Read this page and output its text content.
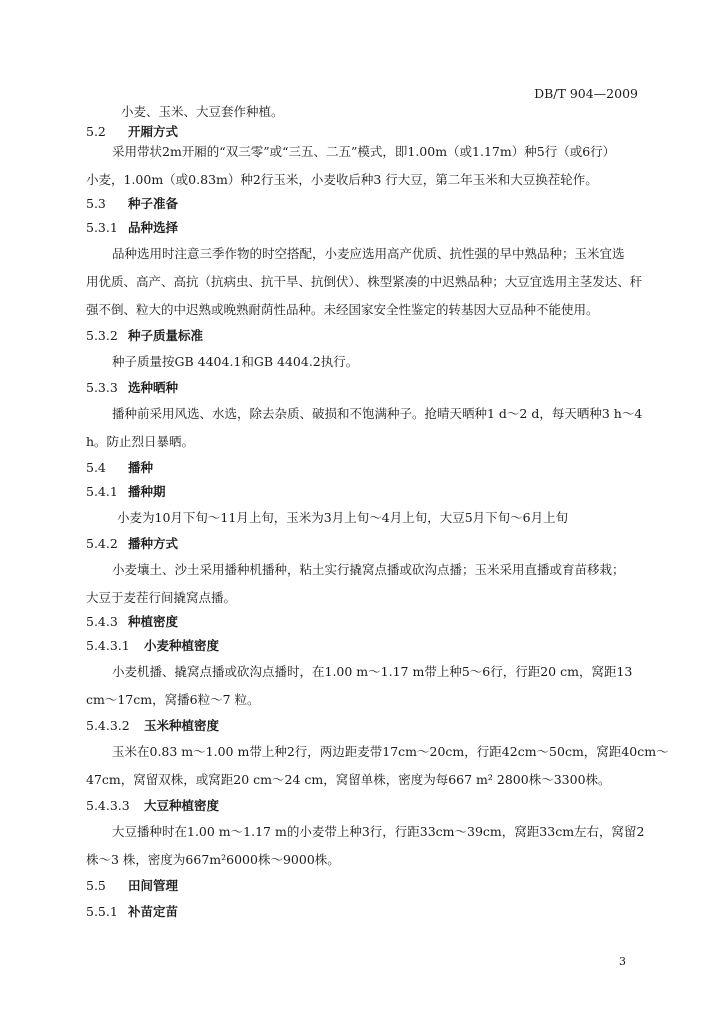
DB/T 904—2009
小麦、玉米、大豆套作种植。
5.2 开厢方式
采用带状2m开厢的“双三零”或“三五、二五”模式，即1.00m（或1.17m）种5行（或6行）
小麦，1.00m（或0.83m）种2行玉米，小麦收后种3 行大豆，第二年玉米和大豆换茬轮作。
5.3 种子准备
5.3.1 品种选择
品种选用时注意三季作物的时空搭配，小麦应选用高产优质、抗性强的早中熟品种；玉米宜选
用优质、高产、高抗（抗病虫、抗干旱、抗倒伏）、株型紧凑的中迟熟品种；大豆宜选用主茎发达、秆
强不倒、粒大的中迟熟或晚熟耐荫性品种。未经国家安全性鉴定的转基因大豆品种不能使用。
5.3.2 种子质量标准
种子质量按GB 4404.1和GB 4404.2执行。
5.3.3 选种晒种
播种前采用风选、水选，除去杂质、破损和不饱满种子。抢晴天晒种1 d～2 d，每天晒种3 h～4
h。防止烈日暴晒。
5.4 播种
5.4.1 播种期
小麦为10月下旬～11月上旬，玉米为3月上旬～4月上旬，大豆5月下旬～6月上旬
5.4.2 播种方式
小麦壤土、沙土采用播种机播种，粘土实行撬窝点播或砍沟点播；玉米采用直播或育苗移栽；
大豆于麦茬行间撬窝点播。
5.4.3 种植密度
5.4.3.1 小麦种植密度
小麦机播、撬窝点播或砍沟点播时，在1.00 m～1.17 m带上种5～6行，行距20 cm，窝距13
cm～17cm，窝播6粒～7 粒。
5.4.3.2 玉米种植密度
玉米在0.83 m～1.00 m带上种2行，两边距麦带17cm～20cm，行距42cm～50cm，窝距40cm～
47cm，窝留双株，或窝距20 cm～24 cm，窝留单株，密度为每667 m² 2800株～3300株。
5.4.3.3 大豆种植密度
大豆播种时在1.00 m～1.17 m的小麦带上种3行，行距33cm～39cm，窝距33cm左右，窝留2
株～3 株，密度为667m²6000株～9000株。
5.5 田间管理
5.5.1 补苗定苗
3
